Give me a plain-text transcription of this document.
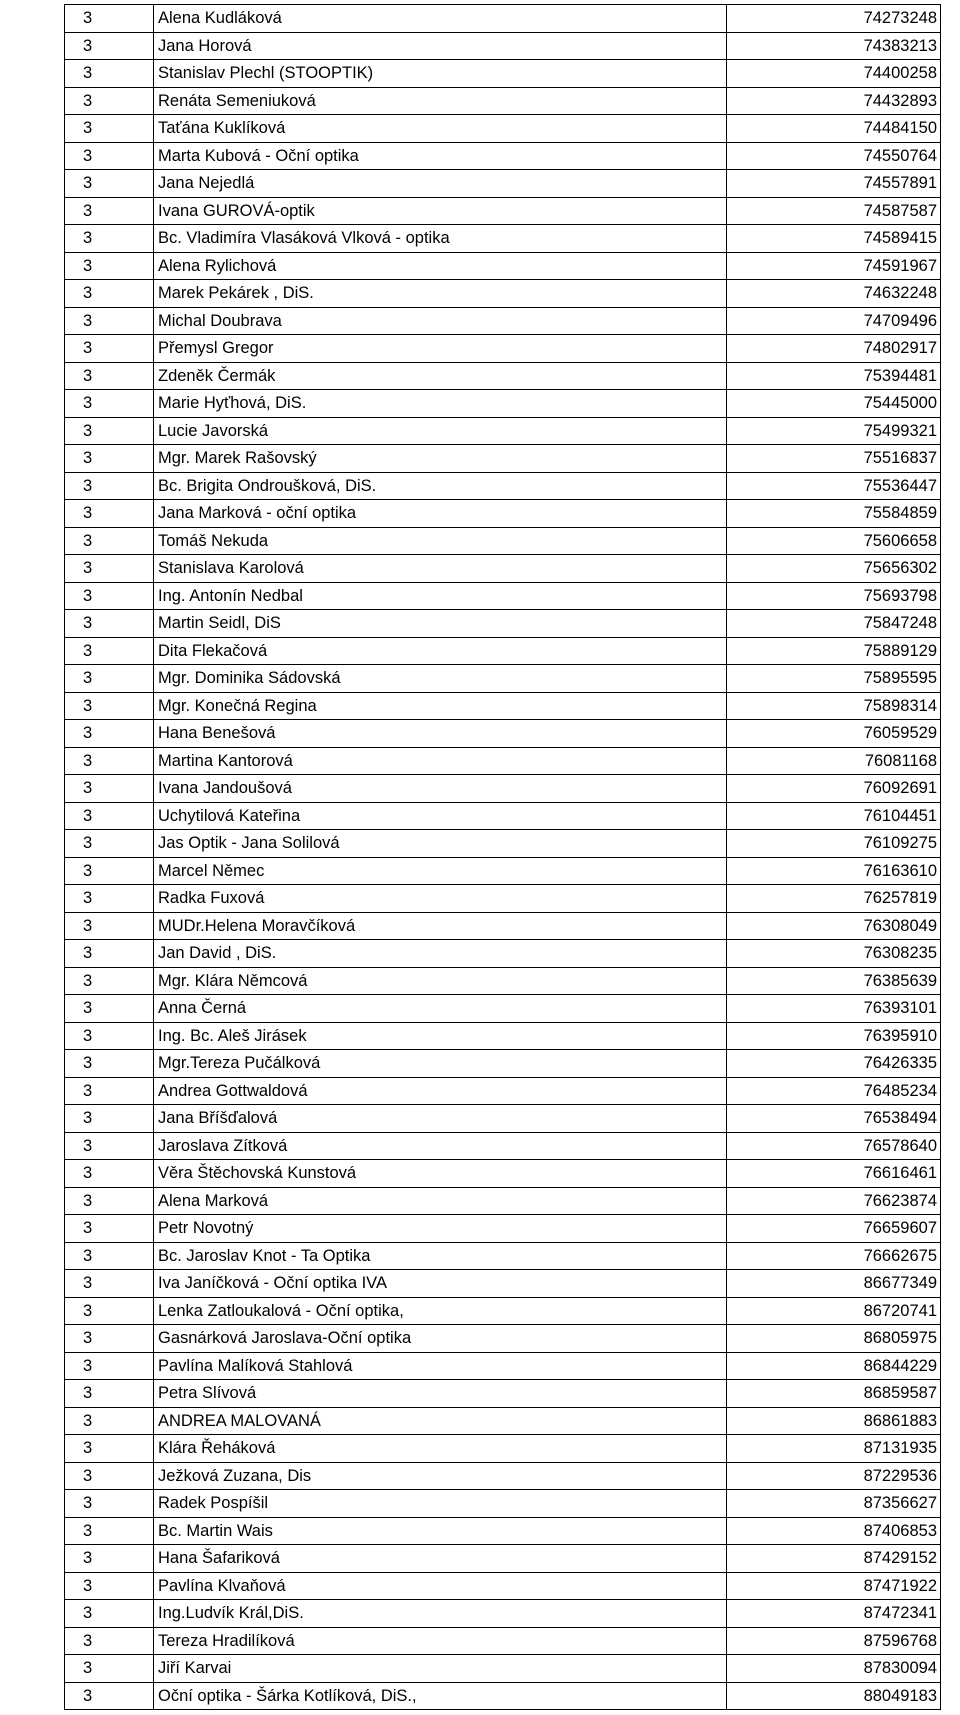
3	Alena Kudláková	74273248
3	Jana Horová	74383213
3	Stanislav Plechl (STOOPTIK)	74400258
3	Renáta Semeniuková	74432893
3	Taťána Kuklíková	74484150
3	Marta Kubová - Oční optika	74550764
3	Jana Nejedlá	74557891
3	Ivana GUROVÁ-optik	74587587
3	Bc. Vladimíra Vlasáková Vlková - optika	74589415
3	Alena Rylichová	74591967
3	Marek Pekárek , DiS.	74632248
3	Michal Doubrava	74709496
3	Přemysl Gregor	74802917
3	Zdeněk Čermák	75394481
3	Marie Hyťhová, DiS.	75445000
3	Lucie Javorská	75499321
3	Mgr. Marek Rašovský	75516837
3	Bc. Brigita Ondroušková, DiS.	75536447
3	Jana Marková - oční optika	75584859
3	Tomáš Nekuda	75606658
3	Stanislava Karolová	75656302
3	Ing. Antonín Nedbal	75693798
3	Martin Seidl, DiS	75847248
3	Dita Flekačová	75889129
3	Mgr. Dominika Sádovská	75895595
3	Mgr. Konečná Regina	75898314
3	Hana Benešová	76059529
3	Martina Kantorová	76081168
3	Ivana Jandoušová	76092691
3	Uchytilová Kateřina	76104451
3	Jas Optik - Jana Solilová	76109275
3	Marcel Němec	76163610
3	Radka Fuxová	76257819
3	MUDr.Helena Moravčíková	76308049
3	Jan David , DiS.	76308235
3	Mgr. Klára Němcová	76385639
3	Anna Černá	76393101
3	Ing. Bc. Aleš Jirásek	76395910
3	Mgr.Tereza Pučálková	76426335
3	Andrea Gottwaldová	76485234
3	Jana Bříšďalová	76538494
3	Jaroslava Zítková	76578640
3	Věra Štěchovská Kunstová	76616461
3	Alena Marková	76623874
3	Petr Novotný	76659607
3	Bc. Jaroslav Knot - Ta Optika	76662675
3	Iva Janíčková - Oční optika IVA	86677349
3	Lenka Zatloukalová - Oční optika,	86720741
3	Gasnárková Jaroslava-Oční optika	86805975
3	Pavlína Malíková Stahlová	86844229
3	Petra Slívová	86859587
3	ANDREA MALOVANÁ	86861883
3	Klára Řeháková	87131935
3	Ježková Zuzana, Dis	87229536
3	Radek Pospíšil	87356627
3	Bc. Martin Wais	87406853
3	Hana Šafariková	87429152
3	Pavlína Klvaňová	87471922
3	Ing.Ludvík Král,DiS.	87472341
3	Tereza Hradilíková	87596768
3	Jiří Karvai	87830094
3	Oční optika - Šárka Kotlíková, DiS.,	88049183
